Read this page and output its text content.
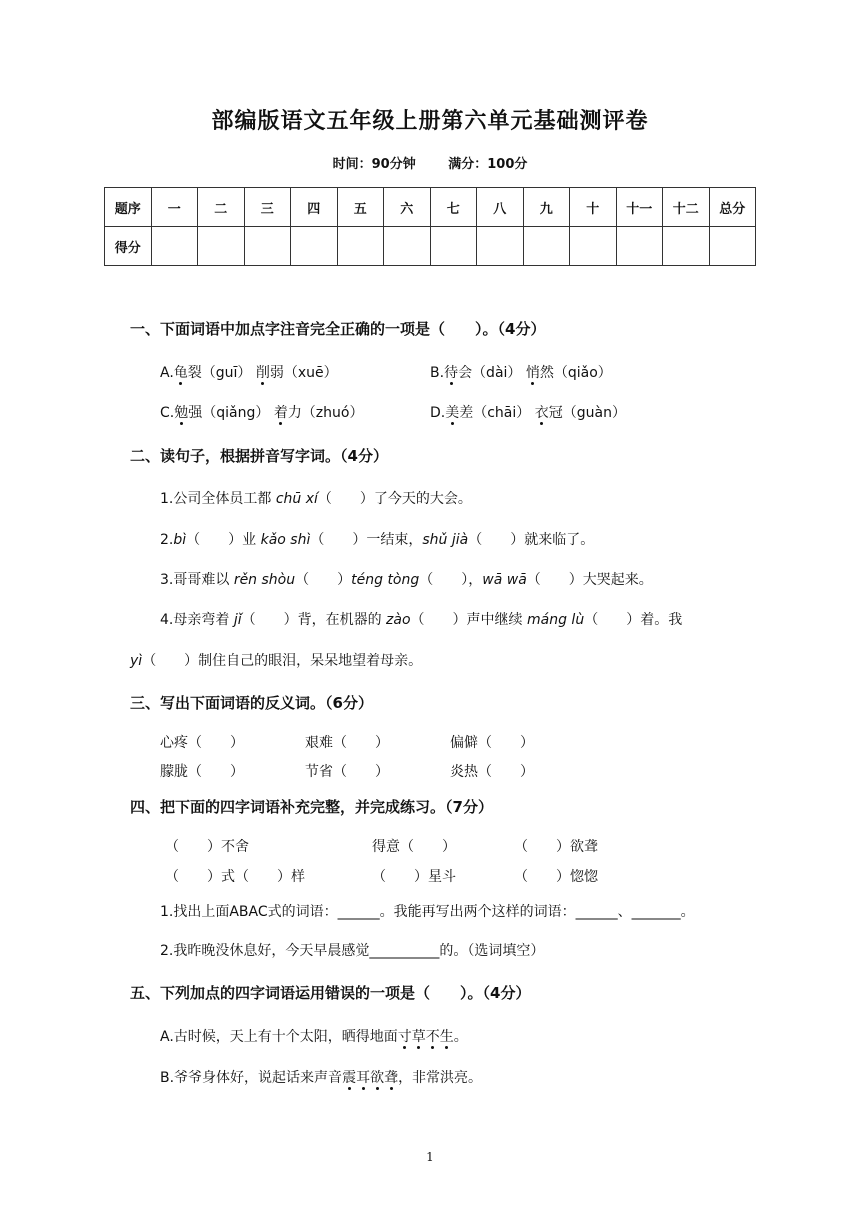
部编版语文五年级上册第六单元基础测评卷
时间：90分钟	满分：100分
题序	一	二	三	四	五	六	七	八	九	十	十一	十二	总分
得分													
一、下面词语中加点字注音完全正确的一项是（　　）。（4分）
A.龟裂（guī） 削弱（xuē）	B.待会（dài） 悄然（qiǎo）
C.勉强（qiǎng） 着力（zhuó）	D.美差（chāi） 衣冠（guàn）
二、读句子，根据拼音写字词。（4分）
1.公司全体员工都 chū xí（　　）了今天的大会。
2.bì（　　）业 kǎo shì（　　）一结束，shǔ jià（　　）就来临了。
3.哥哥难以 rěn shòu（　　）téng tòng（　　），wā wā（　　）大哭起来。
4.母亲弯着 jǐ（　　）背，在机器的 zào（　　）声中继续 máng lù（　　）着。我
yì（　　）制住自己的眼泪，呆呆地望着母亲。
三、写出下面词语的反义词。（6分）
心疼（　　）	艰难（　　）	偏僻（　　）
朦胧（　　）	节省（　　）	炎热（　　）
四、把下面的四字词语补充完整，并完成练习。（7分）
（　　）不舍	得意（　　）	（　　）欲聋
（　　）式（　　）样	（　　）星斗	（　　）惚惚
1.找出上面ABAC式的词语：______。我能再写出两个这样的词语：______、_______。
2.我昨晚没休息好，今天早晨感觉__________的。（选词填空）
五、下列加点的四字词语运用错误的一项是（　　）。（4分）
A.古时候，天上有十个太阳，晒得地面寸草不生。
B.爷爷身体好，说起话来声音震耳欲聋，非常洪亮。
1
